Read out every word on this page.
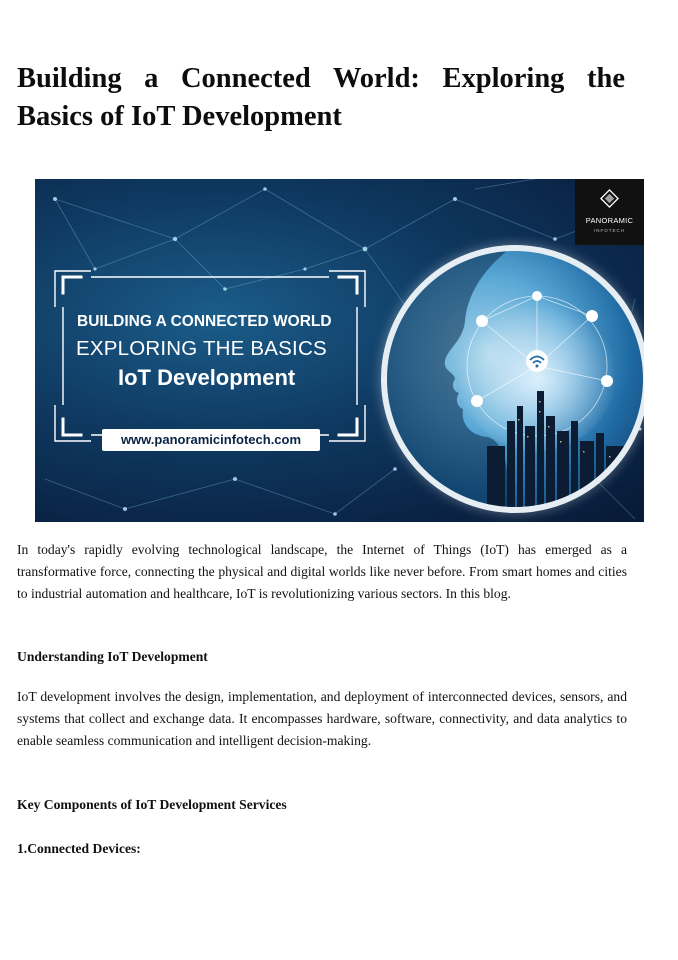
Building a Connected World: Exploring the Basics of IoT Development
BUILDING A CONNECTED WORLD
EXPLORING THE BASICS
IoT Development
www.panoramicinfotech.com
PANORAMIC
INFOTECH

In today's rapidly evolving technological landscape, the Internet of Things (IoT) has emerged as a transformative force, connecting the physical and digital worlds like never before. From smart homes and cities to industrial automation and healthcare, IoT is revolutionizing various sectors. In this blog.

Understanding IoT Development

IoT development involves the design, implementation, and deployment of interconnected devices, sensors, and systems that collect and exchange data. It encompasses hardware, software, connectivity, and data analytics to enable seamless communication and intelligent decision-making.

Key Components of IoT Development Services
1.Connected Devices:
